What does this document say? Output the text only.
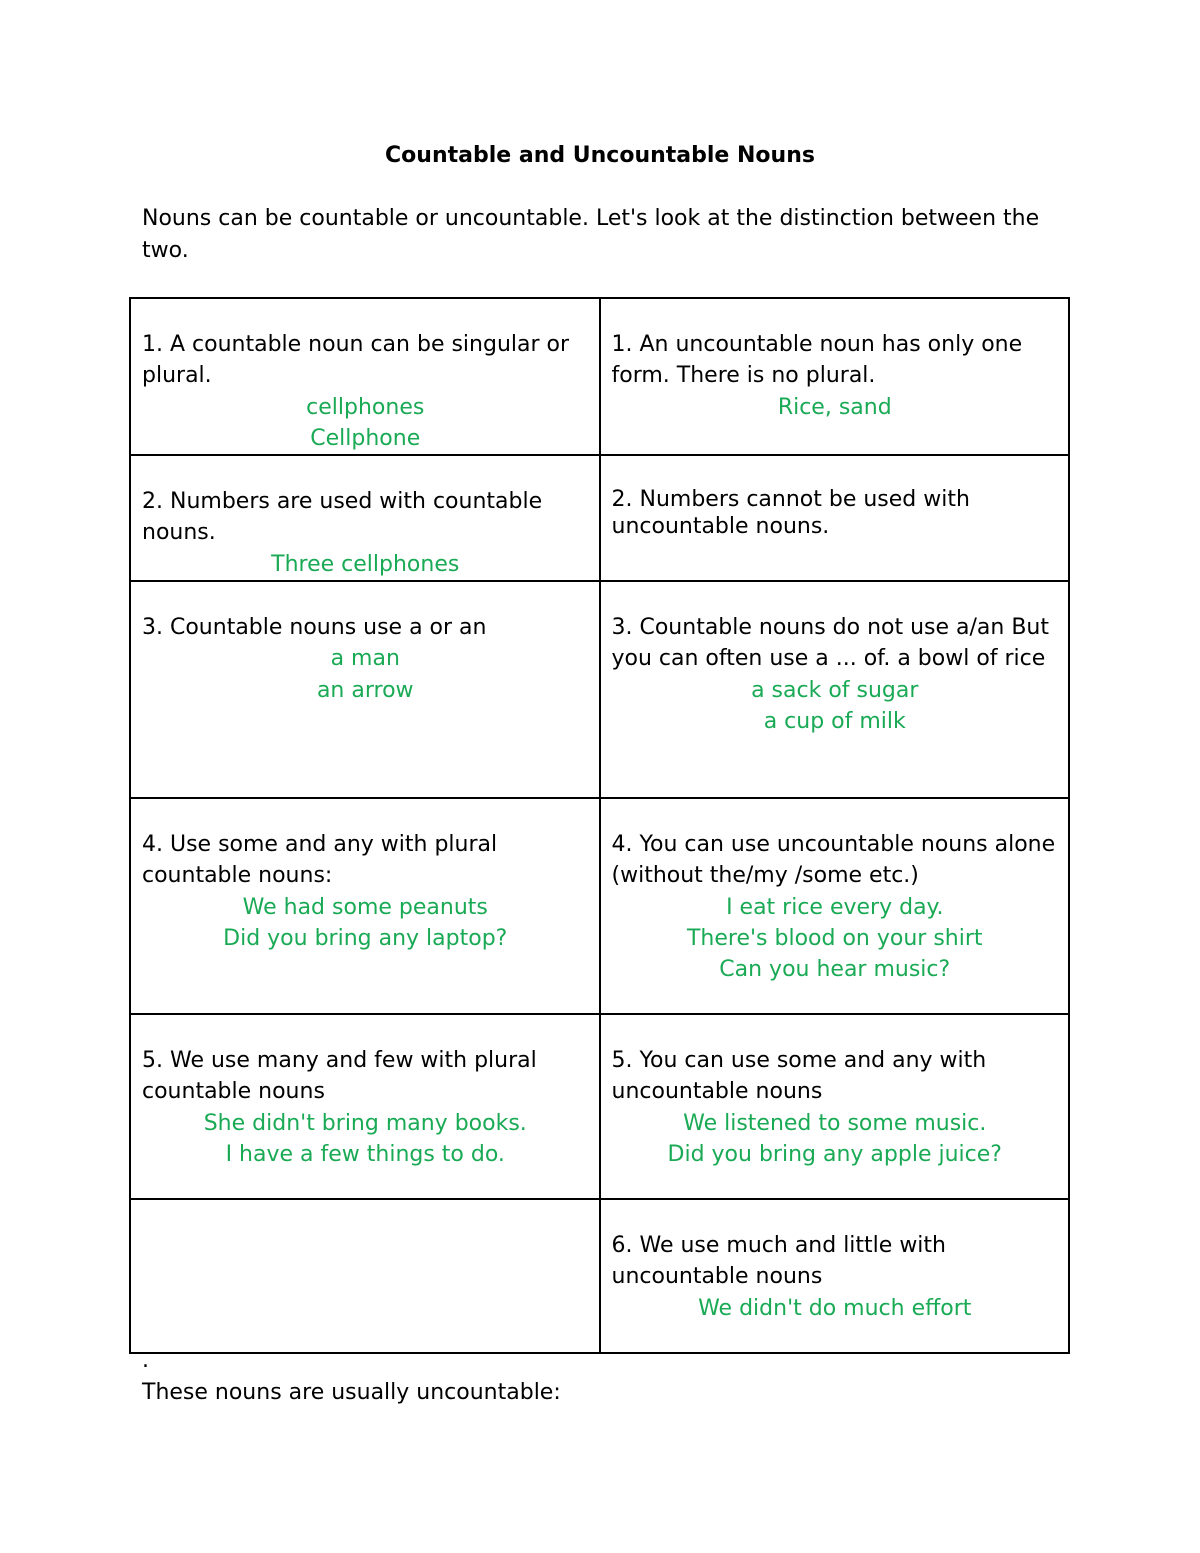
Countable and Uncountable Nouns
Nouns can be countable or uncountable. Let's look at the distinction between the two.
1. A countable noun can be singular or plural.
cellphones
Cellphone	1. An uncountable noun has only one form. There is no plural.
Rice, sand

2. Numbers are used with countable nouns.
Three cellphones	2. Numbers cannot be used with uncountable nouns.

3. Countable nouns use a or an
a man
an arrow	3. Countable nouns do not use a/an But you can often use a ... of. a bowl of rice
a sack of sugar
a cup of milk

4. Use some and any with plural countable nouns:
We had some peanuts
Did you bring any laptop?	4. You can use uncountable nouns alone (without the/my /some etc.)
I eat rice every day.
There's blood on your shirt
Can you hear music?

5. We use many and few with plural countable nouns
She didn't bring many books.
I have a few things to do.	5. You can use some and any with uncountable nouns
We listened to some music.
Did you bring any apple juice?

	6. We use much and little with uncountable nouns
We didn't do much effort
.
These nouns are usually uncountable:
